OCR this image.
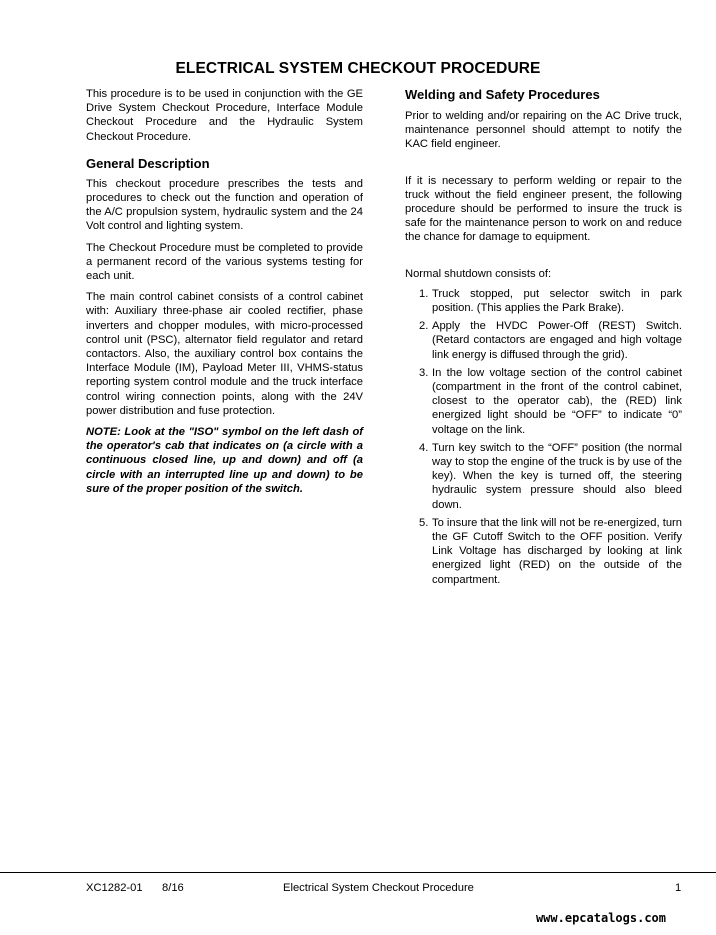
ELECTRICAL SYSTEM CHECKOUT PROCEDURE

This procedure is to be used in conjunction with the GE Drive System Checkout Procedure, Interface Module Checkout Procedure and the Hydraulic System Checkout Procedure.

General Description

This checkout procedure prescribes the tests and procedures to check out the function and operation of the A/C propulsion system, hydraulic system and the 24 Volt control and lighting system.

The Checkout Procedure must be completed to provide a permanent record of the various systems testing for each unit.

The main control cabinet consists of a control cabinet with: Auxiliary three-phase air cooled rectifier, phase inverters and chopper modules, with micro-processed control unit (PSC), alternator field regulator and retard contactors. Also, the auxiliary control box contains the Interface Module (IM), Payload Meter III, VHMS-status reporting system control module and the truck interface control wiring connection points, along with the 24V power distribution and fuse protection.

NOTE: Look at the "ISO" symbol on the left dash of the operator's cab that indicates on (a circle with a continuous closed line, up and down) and off (a circle with an interrupted line up and down) to be sure of the proper position of the switch.

Welding and Safety Procedures

Prior to welding and/or repairing on the AC Drive truck, maintenance personnel should attempt to notify the KAC field engineer.

If it is necessary to perform welding or repair to the truck without the field engineer present, the following procedure should be performed to insure the truck is safe for the maintenance person to work on and reduce the chance for damage to equipment.

Normal shutdown consists of:

1. Truck stopped, put selector switch in park position. (This applies the Park Brake).
2. Apply the HVDC Power-Off (REST) Switch. (Retard contactors are engaged and high voltage link energy is diffused through the grid).
3. In the low voltage section of the control cabinet (compartment in the front of the control cabinet, closest to the operator cab), the (RED) link energized light should be “OFF” to indicate “0” voltage on the link.
4. Turn key switch to the “OFF” position (the normal way to stop the engine of the truck is by use of the key). When the key is turned off, the steering hydraulic system pressure should also bleed down.
5. To insure that the link will not be re-energized, turn the GF Cutoff Switch to the OFF position. Verify Link Voltage has discharged by looking at link energized light (RED) on the outside of the compartment.
XC1282-01 8/16	Electrical System Checkout Procedure	1
www.epcatalogs.com
